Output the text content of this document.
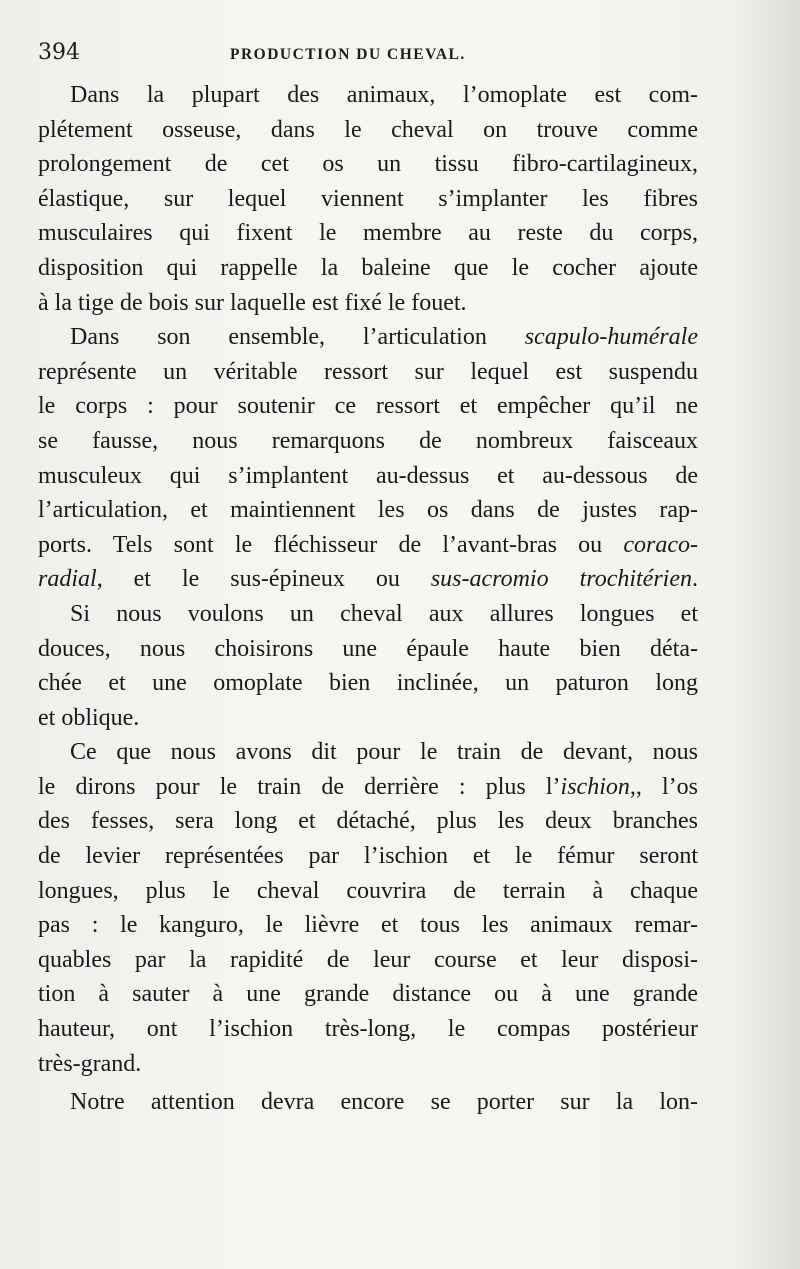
394	PRODUCTION DU CHEVAL.
Dans la plupart des animaux, l’omoplate est com-
plétement osseuse, dans le cheval on trouve comme
prolongement de cet os un tissu fibro-cartilagineux,
élastique, sur lequel viennent s’implanter les fibres
musculaires qui fixent le membre au reste du corps,
disposition qui rappelle la baleine que le cocher ajoute
à la tige de bois sur laquelle est fixé le fouet.
Dans son ensemble, l’articulation scapulo-humérale
représente un véritable ressort sur lequel est suspendu
le corps : pour soutenir ce ressort et empêcher qu’il ne
se fausse, nous remarquons de nombreux faisceaux
musculeux qui s’implantent au-dessus et au-dessous de
l’articulation, et maintiennent les os dans de justes rap-
ports. Tels sont le fléchisseur de l’avant-bras ou coraco-
radial, et le sus-épineux ou sus-acromio trochitérien.
Si nous voulons un cheval aux allures longues et
douces, nous choisirons une épaule haute bien déta-
chée et une omoplate bien inclinée, un paturon long
et oblique.
Ce que nous avons dit pour le train de devant, nous
le dirons pour le train de derrière : plus l’ischion,, l’os
des fesses, sera long et détaché, plus les deux branches
de levier représentées par l’ischion et le fémur seront
longues, plus le cheval couvrira de terrain à chaque
pas : le kanguro, le lièvre et tous les animaux remar-
quables par la rapidité de leur course et leur disposi-
tion à sauter à une grande distance ou à une grande
hauteur, ont l’ischion très-long, le compas postérieur
très-grand.
Notre attention devra encore se porter sur la lon-
